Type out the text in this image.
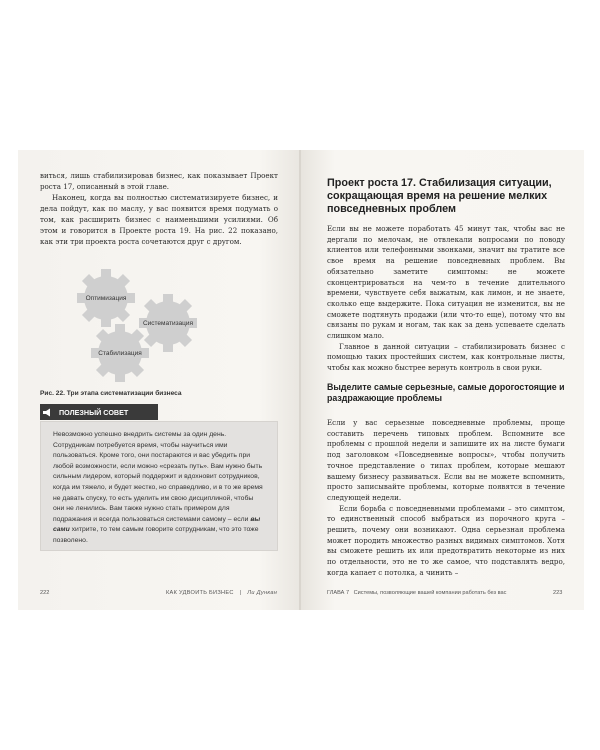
виться, лишь стабилизировав бизнес, как показывает Проект роста 17, описанный в этой главе.

Наконец, когда вы полностью систематизируете бизнес, и дела пойдут, как по маслу, у вас появится время подумать о том, как расширить бизнес с наименьшими усилиями. Об этом и говорится в Проекте роста 19. На рис. 22 показано, как эти три проекта роста сочетаются друг с другом.

Оптимизация
Систематизация
Стабилизация
Рис. 22. Три этапа систематизации бизнеса
ПОЛЕЗНЫЙ СОВЕТ

Невозможно успешно внедрить системы за один день. Сотрудникам потребуется время, чтобы научиться ими пользоваться. Кроме того, они постараются и вас убедить при любой возможности, если можно «срезать путь». Вам нужно быть сильным лидером, который поддержит и вдохновит сотрудников, когда им тяжело, и будет жестко, но справедливо, и в то же время не давать спуску, то есть уделить им свою дисциплиной, чтобы они не ленились. Вам также нужно стать примером для подражания и всегда пользоваться системами самому – если вы сами хитрите, то тем самым говорите сотрудникам, что это тоже позволено.

222	КАК УДВОИТЬ БИЗНЕС | Ли Дункан
Проект роста 17. Стабилизация ситуации, сокращающая время на решение мелких повседневных проблем

Если вы не можете поработать 45 минут так, чтобы вас не дергали по мелочам, не отвлекали вопросами по поводу клиентов или телефонными звонками, значит вы тратите все свое время на решение повседневных проблем. Вы обязательно заметите симптомы: не можете сконцентрироваться на чем-то в течение длительного времени, чувствуете себя выжатым, как лимон, и не знаете, сколько еще выдержите. Пока ситуация не изменится, вы не сможете подтянуть продажи (или что-то еще), потому что вы связаны по рукам и ногам, так как за день успеваете сделать слишком мало.

Главное в данной ситуации – стабилизировать бизнес с помощью таких простейших систем, как контрольные листы, чтобы как можно быстрее вернуть контроль в свои руки.

Выделите самые серьезные, самые дорогостоящие и раздражающие проблемы

Если у вас серьезные повседневные проблемы, проще составить перечень типовых проблем. Вспомните все проблемы с прошлой недели и запишите их на листе бумаги под заголовком «Повседневные вопросы», чтобы получить точное представление о типах проблем, которые мешают вашему бизнесу развиваться. Если вы не можете вспомнить, просто записывайте проблемы, которые появятся в течение следующей недели.

Если борьба с повседневными проблемами – это симптом, то единственный способ выбраться из порочного круга – решить, почему они возникают. Одна серьезная проблема может породить множество разных видимых симптомов. Хотя вы сможете решить их или предотвратить некоторые из них по отдельности, это не то же самое, что подставлять ведро, когда капает с потолка, а чинить –

ГЛАВА 7 Системы, позволяющие вашей компании работать без вас	223
